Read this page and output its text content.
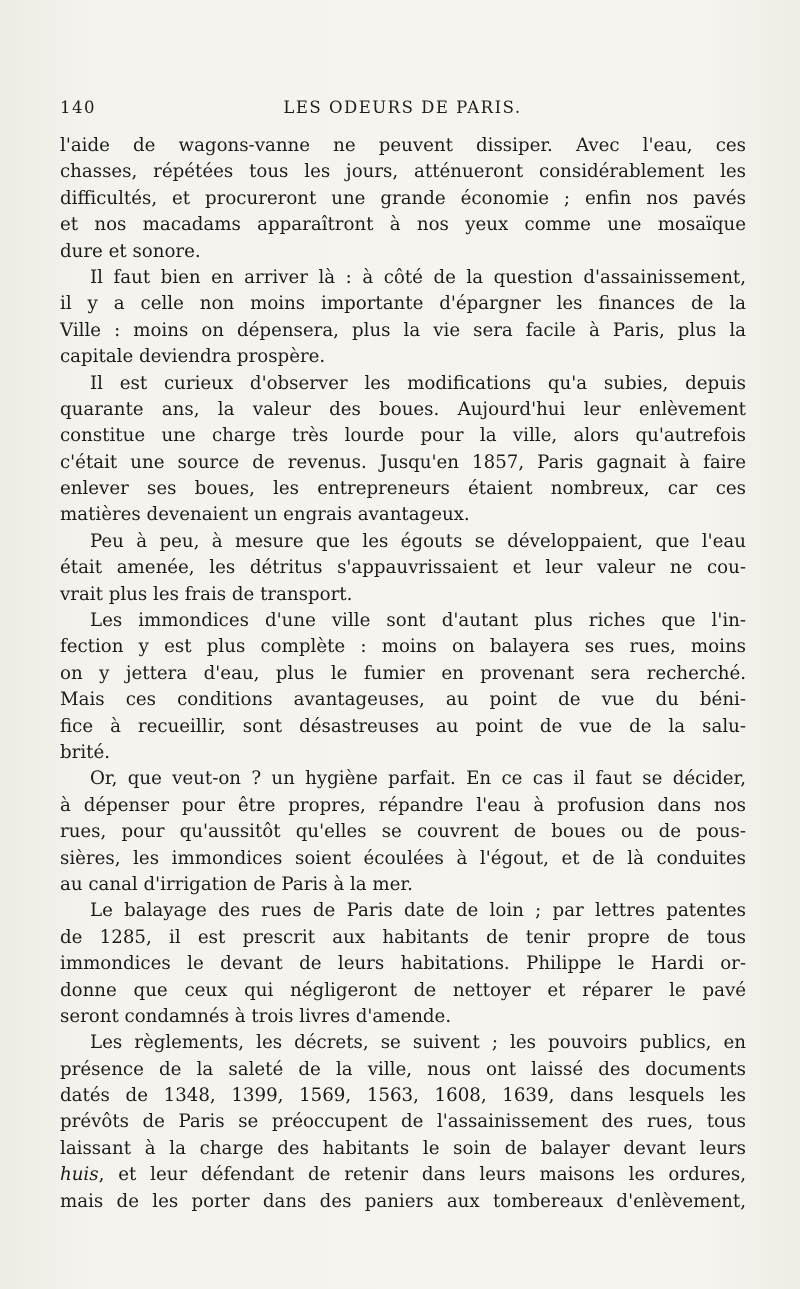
140	LES ODEURS DE PARIS.
l'aide de wagons-vanne ne peuvent dissiper. Avec l'eau, ces
chasses, répétées tous les jours, atténueront considérablement les
difficultés, et procureront une grande économie ; enfin nos pavés
et nos macadams apparaîtront à nos yeux comme une mosaïque
dure et sonore.
Il faut bien en arriver là : à côté de la question d'assainissement,
il y a celle non moins importante d'épargner les finances de la
Ville : moins on dépensera, plus la vie sera facile à Paris, plus la
capitale deviendra prospère.
Il est curieux d'observer les modifications qu'a subies, depuis
quarante ans, la valeur des boues. Aujourd'hui leur enlèvement
constitue une charge très lourde pour la ville, alors qu'autrefois
c'était une source de revenus. Jusqu'en 1857, Paris gagnait à faire
enlever ses boues, les entrepreneurs étaient nombreux, car ces
matières devenaient un engrais avantageux.
Peu à peu, à mesure que les égouts se développaient, que l'eau
était amenée, les détritus s'appauvrissaient et leur valeur ne cou-
vrait plus les frais de transport.
Les immondices d'une ville sont d'autant plus riches que l'in-
fection y est plus complète : moins on balayera ses rues, moins
on y jettera d'eau, plus le fumier en provenant sera recherché.
Mais ces conditions avantageuses, au point de vue du béni-
fice à recueillir, sont désastreuses au point de vue de la salu-
brité.
Or, que veut-on ? un hygiène parfait. En ce cas il faut se décider,
à dépenser pour être propres, répandre l'eau à profusion dans nos
rues, pour qu'aussitôt qu'elles se couvrent de boues ou de pous-
sières, les immondices soient écoulées à l'égout, et de là conduites
au canal d'irrigation de Paris à la mer.
Le balayage des rues de Paris date de loin ; par lettres patentes
de 1285, il est prescrit aux habitants de tenir propre de tous
immondices le devant de leurs habitations. Philippe le Hardi or-
donne que ceux qui négligeront de nettoyer et réparer le pavé
seront condamnés à trois livres d'amende.
Les règlements, les décrets, se suivent ; les pouvoirs publics, en
présence de la saleté de la ville, nous ont laissé des documents
datés de 1348, 1399, 1569, 1563, 1608, 1639, dans lesquels les
prévôts de Paris se préoccupent de l'assainissement des rues, tous
laissant à la charge des habitants le soin de balayer devant leurs
huis, et leur défendant de retenir dans leurs maisons les ordures,
mais de les porter dans des paniers aux tombereaux d'enlèvement,
